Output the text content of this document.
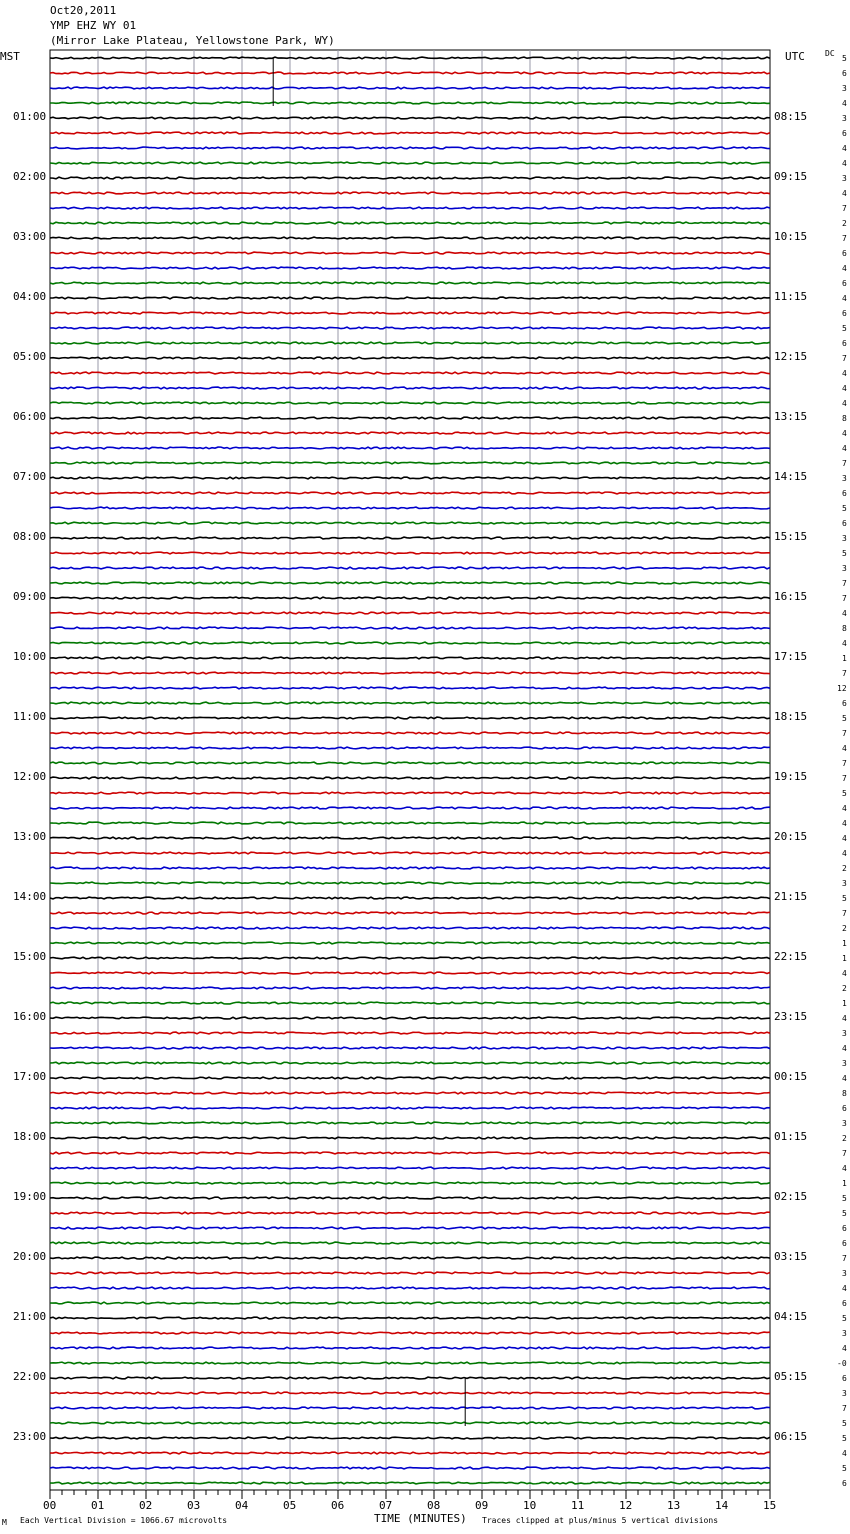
Oct20,2011
YMP EHZ WY 01
(Mirror Lake Plateau, Yellowstone Park, WY)
MST	UTC	DC
01:00
02:00
03:00
04:00
05:00
06:00
07:00
08:00
09:00
10:00
11:00
12:00
13:00
14:00
15:00
16:00
17:00
18:00
19:00
20:00
21:00
22:00
23:00
08:15
09:15
10:15
11:15
12:15
13:15
14:15
15:15
16:15
17:15
18:15
19:15
20:15
21:15
22:15
23:15
00:15
01:15
02:15
03:15
04:15
05:15
06:15
5
6
3
4
3
6
4
4
3
4
7
2
7
6
4
6
4
6
5
6
7
4
4
4
8
4
4
7
3
6
5
6
3
5
3
7
7
4
8
4
1
7
12
6
5
7
4
7
7
5
4
4
4
4
2
3
5
7
2
1
1
4
2
1
4
3
4
3
4
8
6
3
2
7
4
1
5
5
6
6
7
3
4
6
5
3
4
-0
6
3
7
5
5
4
5
6
00	01	02	03	04	05	06	07	08	09	10	11	12	13	14	15
M Each Vertical Division = 1066.67 microvolts	TIME (MINUTES) Traces clipped at plus/minus 5 vertical divisions
